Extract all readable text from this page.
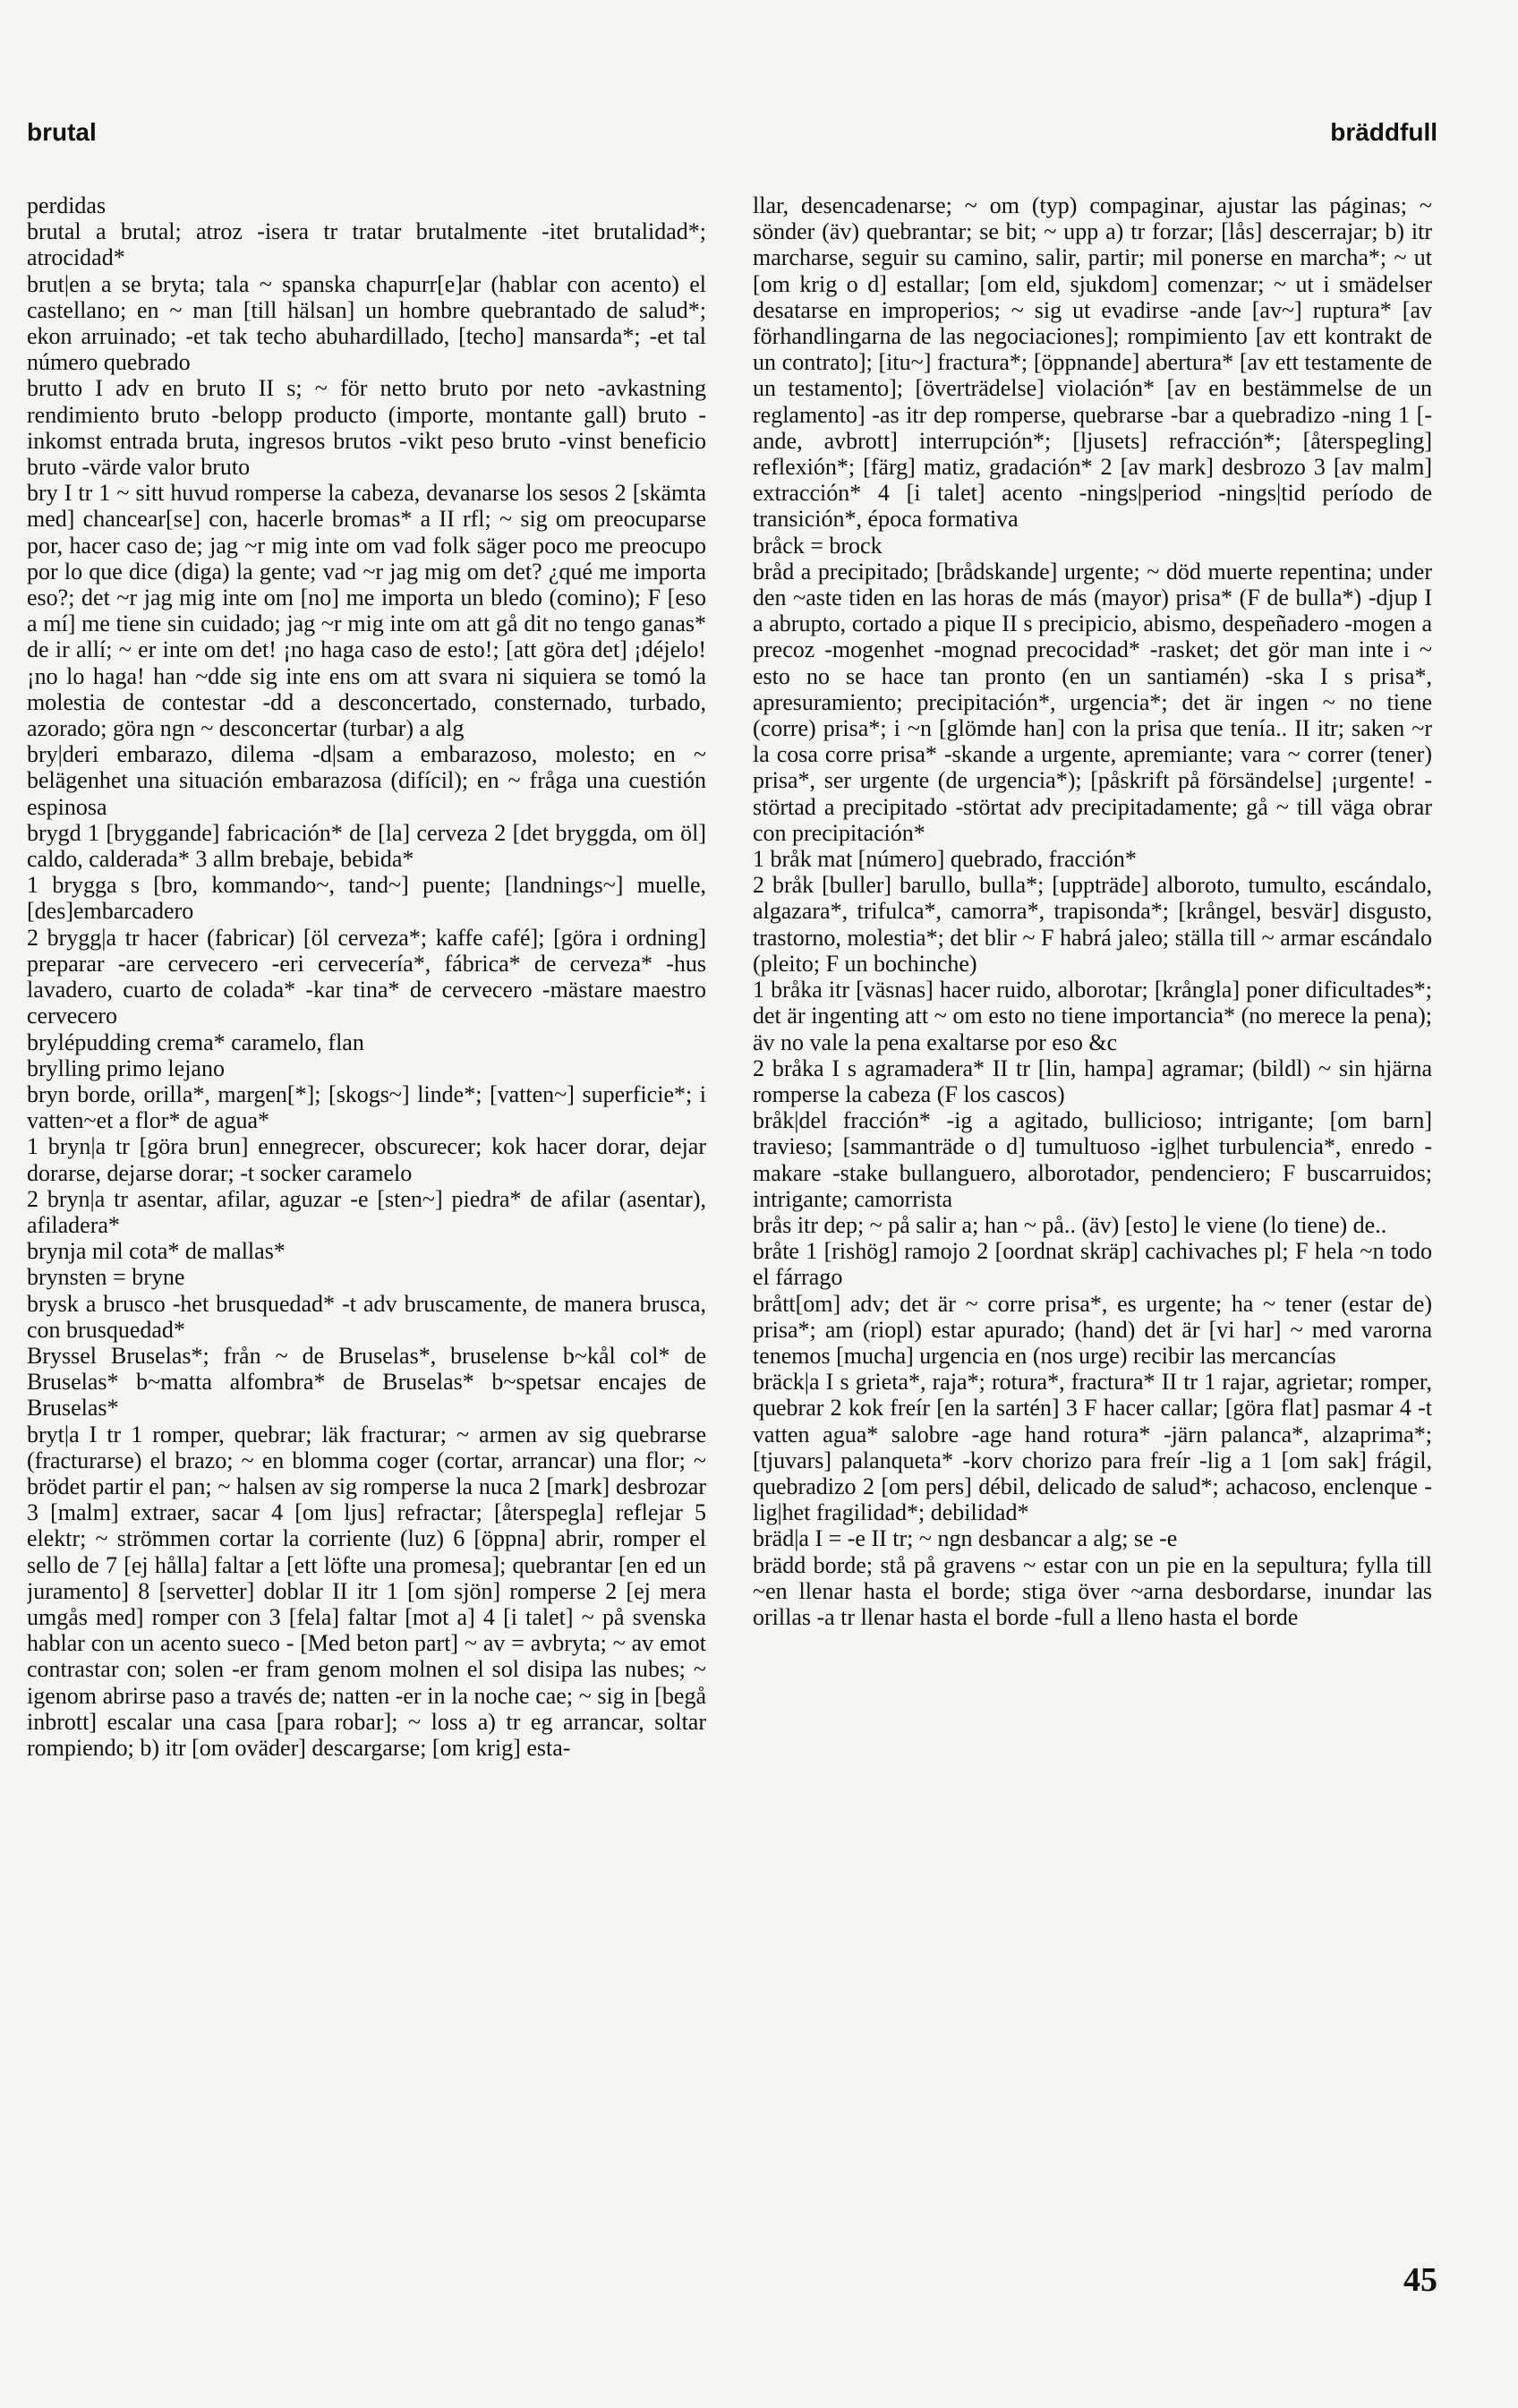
brutal	bräddfull

perdidas

brutal a brutal; atroz -isera tr tratar brutalmente -itet brutalidad*; atrocidad*

brut|en a se bryta; tala ~ spanska chapurr[e]ar (hablar con acento) el castellano; en ~ man [till hälsan] un hombre quebrantado de salud*; ekon arruinado; -et tak techo abuhardillado, [techo] mansarda*; -et tal número quebrado

brutto I adv en bruto II s; ~ för netto bruto por neto -avkastning rendimiento bruto -belopp producto (importe, montante gall) bruto -inkomst entrada bruta, ingresos brutos -vikt peso bruto -vinst beneficio bruto -värde valor bruto

bry I tr 1 ~ sitt huvud romperse la cabeza, devanarse los sesos 2 [skämta med] chancear[se] con, hacerle bromas* a II rfl; ~ sig om preocuparse por, hacer caso de; jag ~r mig inte om vad folk säger poco me preocupo por lo que dice (diga) la gente; vad ~r jag mig om det? ¿qué me importa eso?; det ~r jag mig inte om [no] me importa un bledo (comino); F [eso a mí] me tiene sin cuidado; jag ~r mig inte om att gå dit no tengo ganas* de ir allí; ~ er inte om det! ¡no haga caso de esto!; [att göra det] ¡déjelo! ¡no lo haga! han ~dde sig inte ens om att svara ni siquiera se tomó la molestia de contestar -dd a desconcertado, consternado, turbado, azorado; göra ngn ~ desconcertar (turbar) a alg

bry|deri embarazo, dilema -d|sam a embarazoso, molesto; en ~ belägenhet una situación embarazosa (difícil); en ~ fråga una cuestión espinosa

brygd 1 [bryggande] fabricación* de [la] cerveza 2 [det bryggda, om öl] caldo, calderada* 3 allm brebaje, bebida*

1 brygga s [bro, kommando~, tand~] puente; [landnings~] muelle, [des]embarcadero

2 brygg|a tr hacer (fabricar) [öl cerveza*; kaffe café]; [göra i ordning] preparar -are cervecero -eri cervecería*, fábrica* de cerveza* -hus lavadero, cuarto de colada* -kar tina* de cervecero -mästare maestro cervecero

brylépudding crema* caramelo, flan

brylling primo lejano

bryn borde, orilla*, margen[*]; [skogs~] linde*; [vatten~] superficie*; i vatten~et a flor* de agua*

1 bryn|a tr [göra brun] ennegrecer, obscurecer; kok hacer dorar, dejar dorarse, dejarse dorar; -t socker caramelo

2 bryn|a tr asentar, afilar, aguzar -e [sten~] piedra* de afilar (asentar), afiladera*

brynja mil cota* de mallas*

brynsten = bryne

brysk a brusco -het brusquedad* -t adv bruscamente, de manera brusca, con brusquedad*

Bryssel Bruselas*; från ~ de Bruselas*, bruselense b~kål col* de Bruselas* b~matta alfombra* de Bruselas* b~spetsar encajes de Bruselas*

bryt|a I tr 1 romper, quebrar; läk fracturar; ~ armen av sig quebrarse (fracturarse) el brazo; ~ en blomma coger (cortar, arrancar) una flor; ~ brödet partir el pan; ~ halsen av sig romperse la nuca 2 [mark] desbrozar 3 [malm] extraer, sacar 4 [om ljus] refractar; [återspegla] reflejar 5 elektr; ~ strömmen cortar la corriente (luz) 6 [öppna] abrir, romper el sello de 7 [ej hålla] faltar a [ett löfte una promesa]; quebrantar [en ed un juramento] 8 [servetter] doblar II itr 1 [om sjön] romperse 2 [ej mera umgås med] romper con 3 [fela] faltar [mot a] 4 [i talet] ~ på svenska hablar con un acento sueco - [Med beton part] ~ av = avbryta; ~ av emot contrastar con; solen -er fram genom molnen el sol disipa las nubes; ~ igenom abrirse paso a través de; natten -er in la noche cae; ~ sig in [begå inbrott] escalar una casa [para robar]; ~ loss a) tr eg arrancar, soltar rompiendo; b) itr [om oväder] descargarse; [om krig] esta-

llar, desencadenarse; ~ om (typ) compaginar, ajustar las páginas; ~ sönder (äv) quebrantar; se bit; ~ upp a) tr forzar; [lås] descerrajar; b) itr marcharse, seguir su camino, salir, partir; mil ponerse en marcha*; ~ ut [om krig o d] estallar; [om eld, sjukdom] comenzar; ~ ut i smädelser desatarse en improperios; ~ sig ut evadirse -ande [av~] ruptura* [av förhandlingarna de las negociaciones]; rompimiento [av ett kontrakt de un contrato]; [itu~] fractura*; [öppnande] abertura* [av ett testamente de un testamento]; [överträdelse] violación* [av en bestämmelse de un reglamento] -as itr dep romperse, quebrarse -bar a quebradizo -ning 1 [-ande, avbrott] interrupción*; [ljusets] refracción*; [återspegling] reflexión*; [färg] matiz, gradación* 2 [av mark] desbrozo 3 [av malm] extracción* 4 [i talet] acento -nings|period -nings|tid período de transición*, época formativa

bråck = brock

bråd a precipitado; [brådskande] urgente; ~ död muerte repentina; under den ~aste tiden en las horas de más (mayor) prisa* (F de bulla*) -djup I a abrupto, cortado a pique II s precipicio, abismo, despeñadero -mogen a precoz -mogenhet -mognad precocidad* -rasket; det gör man inte i ~ esto no se hace tan pronto (en un santiamén) -ska I s prisa*, apresuramiento; precipitación*, urgencia*; det är ingen ~ no tiene (corre) prisa*; i ~n [glömde han] con la prisa que tenía.. II itr; saken ~r la cosa corre prisa* -skande a urgente, apremiante; vara ~ correr (tener) prisa*, ser urgente (de urgencia*); [påskrift på försändelse] ¡urgente! -störtad a precipitado -störtat adv precipitadamente; gå ~ till väga obrar con precipitación*

1 bråk mat [número] quebrado, fracción*

2 bråk [buller] barullo, bulla*; [uppträde] alboroto, tumulto, escándalo, algazara*, trifulca*, camorra*, trapisonda*; [krångel, besvär] disgusto, trastorno, molestia*; det blir ~ F habrá jaleo; ställa till ~ armar escándalo (pleito; F un bochinche)

1 bråka itr [väsnas] hacer ruido, alborotar; [krångla] poner dificultades*; det är ingenting att ~ om esto no tiene importancia* (no merece la pena); äv no vale la pena exaltarse por eso &c

2 bråka I s agramadera* II tr [lin, hampa] agramar; (bildl) ~ sin hjärna romperse la cabeza (F los cascos)

bråk|del fracción* -ig a agitado, bullicioso; intrigante; [om barn] travieso; [sammanträde o d] tumultuoso -ig|het turbulencia*, enredo -makare -stake bullanguero, alborotador, pendenciero; F buscarruidos; intrigante; camorrista

brås itr dep; ~ på salir a; han ~ på.. (äv) [esto] le viene (lo tiene) de..

bråte 1 [rishög] ramojo 2 [oordnat skräp] cachivaches pl; F hela ~n todo el fárrago

brått[om] adv; det är ~ corre prisa*, es urgente; ha ~ tener (estar de) prisa*; am (riopl) estar apurado; (hand) det är [vi har] ~ med varorna tenemos [mucha] urgencia en (nos urge) recibir las mercancías

bräck|a I s grieta*, raja*; rotura*, fractura* II tr 1 rajar, agrietar; romper, quebrar 2 kok freír [en la sartén] 3 F hacer callar; [göra flat] pasmar 4 -t vatten agua* salobre -age hand rotura* -järn palanca*, alzaprima*; [tjuvars] palanqueta* -korv chorizo para freír -lig a 1 [om sak] frágil, quebradizo 2 [om pers] débil, delicado de salud*; achacoso, enclenque -lig|het fragilidad*; debilidad*

bräd|a I = -e II tr; ~ ngn desbancar a alg; se -e

brädd borde; stå på gravens ~ estar con un pie en la sepultura; fylla till ~en llenar hasta el borde; stiga över ~arna desbordarse, inundar las orillas -a tr llenar hasta el borde -full a lleno hasta el borde

45
